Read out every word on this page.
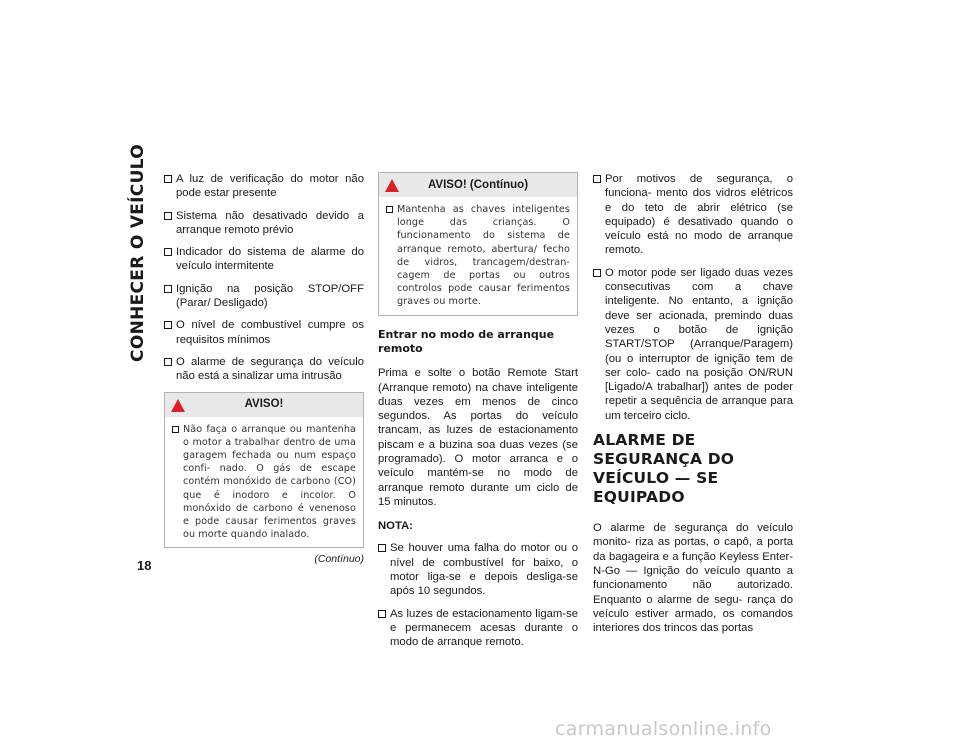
CONHECER O VEÍCULO
18
A luz de verificação do motor não pode estar presente
Sistema não desativado devido a arranque remoto prévio
Indicador do sistema de alarme do veículo intermitente
Ignição na posição STOP/OFF (Parar/ Desligado)
O nível de combustível cumpre os requisitos mínimos
O alarme de segurança do veículo não está a sinalizar uma intrusão
AVISO!
Não faça o arranque ou mantenha o motor a trabalhar dentro de uma garagem fechada ou num espaço confi- nado. O gás de escape contém monóxido de carbono (CO) que é inodoro e incolor. O monóxido de carbono é venenoso e pode causar ferimentos graves ou morte quando inalado.
(Contínuo)
AVISO! (Contínuo)
Mantenha as chaves inteligentes longe das crianças. O funcionamento do sistema de arranque remoto, abertura/ fecho de vidros, trancagem/destran- cagem de portas ou outros controlos pode causar ferimentos graves ou morte.
Entrar no modo de arranque remoto

Prima e solte o botão Remote Start (Arranque remoto) na chave inteligente duas vezes em menos de cinco segundos. As portas do veículo trancam, as luzes de estacionamento piscam e a buzina soa duas vezes (se programado). O motor arranca e o veículo mantém-se no modo de arranque remoto durante um ciclo de 15 minutos.

NOTA:
Se houver uma falha do motor ou o nível de combustível for baixo, o motor liga-se e depois desliga-se após 10 segundos.
As luzes de estacionamento ligam-se e permanecem acesas durante o modo de arranque remoto.
Por motivos de segurança, o funciona- mento dos vidros elétricos e do teto de abrir elétrico (se equipado) é desativado quando o veículo está no modo de arranque remoto.
O motor pode ser ligado duas vezes consecutivas com a chave inteligente. No entanto, a ignição deve ser acionada, premindo duas vezes o botão de ignição START/STOP (Arranque/Paragem) (ou o interruptor de ignição tem de ser colo- cado na posição ON/RUN [Ligado/A trabalhar]) antes de poder repetir a sequência de arranque para um terceiro ciclo.
ALARME DE SEGURANÇA DO VEÍCULO — SE EQUIPADO

O alarme de segurança do veículo monito- riza as portas, o capô, a porta da bagageira e a função Keyless Enter-N-Go — Ignição do veículo quanto a funcionamento não autorizado. Enquanto o alarme de segu- rança do veículo estiver armado, os comandos interiores dos trincos das portas

carmanualsonline.info
